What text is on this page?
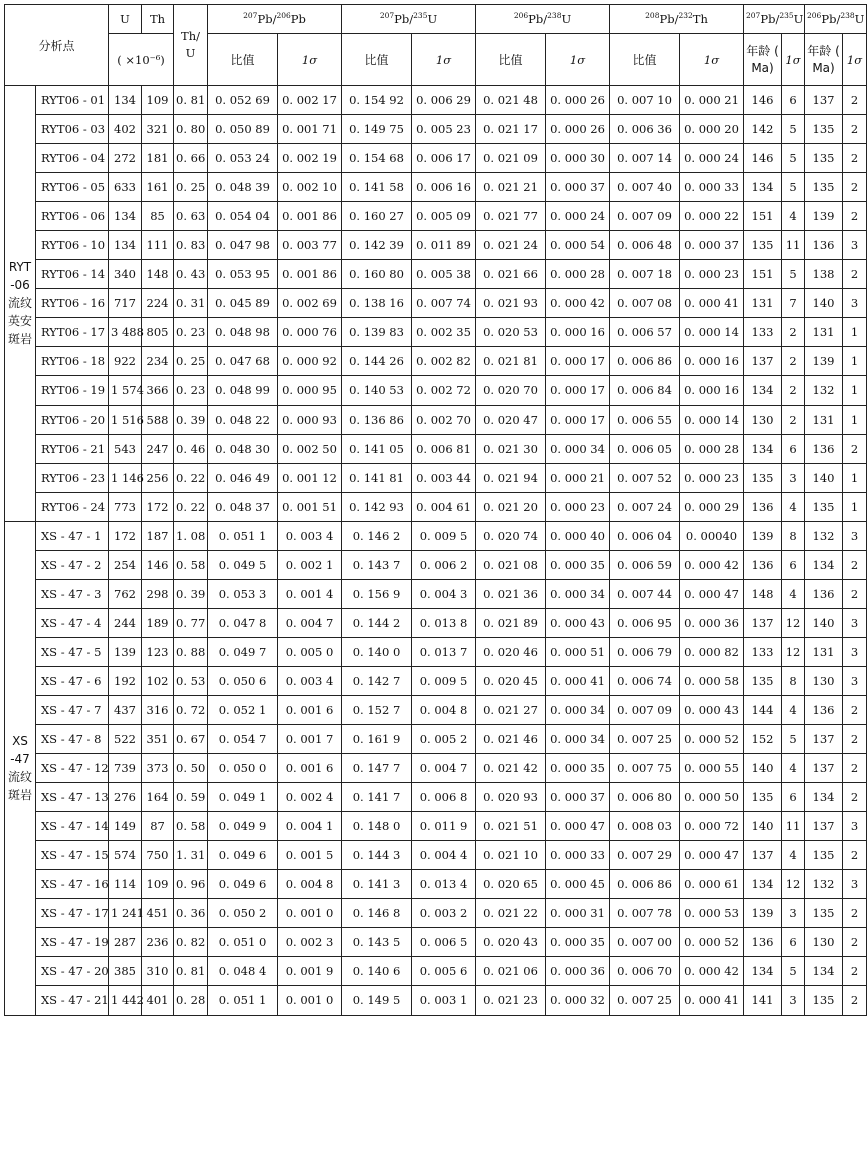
分析点		U	Th	Th/ U	$^{207}$Pb/$^{206}$Pb		$^{207}$Pb/$^{235}$U		$^{206}$Pb/$^{238}$U		$^{208}$Pb/$^{232}$Th		$^{207}$Pb/$^{235}$U		$^{206}$Pb/$^{238}$U	
		( ×10⁻⁶)			比值	1σ	比值	1σ	比值	1σ	比值	1σ	年龄 ( Ma)	1σ	年龄 ( Ma)	1σ
RYT -06 流纹 英安 斑岩	RYT06 - 01	134	109	0. 81	0. 052 69	0. 002 17	0. 154 92	0. 006 29	0. 021 48	0. 000 26	0. 007 10	0. 000 21	146	6	137	2
	RYT06 - 03	402	321	0. 80	0. 050 89	0. 001 71	0. 149 75	0. 005 23	0. 021 17	0. 000 26	0. 006 36	0. 000 20	142	5	135	2
	RYT06 - 04	272	181	0. 66	0. 053 24	0. 002 19	0. 154 68	0. 006 17	0. 021 09	0. 000 30	0. 007 14	0. 000 24	146	5	135	2
	RYT06 - 05	633	161	0. 25	0. 048 39	0. 002 10	0. 141 58	0. 006 16	0. 021 21	0. 000 37	0. 007 40	0. 000 33	134	5	135	2
	RYT06 - 06	134	85	0. 63	0. 054 04	0. 001 86	0. 160 27	0. 005 09	0. 021 77	0. 000 24	0. 007 09	0. 000 22	151	4	139	2
	RYT06 - 10	134	111	0. 83	0. 047 98	0. 003 77	0. 142 39	0. 011 89	0. 021 24	0. 000 54	0. 006 48	0. 000 37	135	11	136	3
	RYT06 - 14	340	148	0. 43	0. 053 95	0. 001 86	0. 160 80	0. 005 38	0. 021 66	0. 000 28	0. 007 18	0. 000 23	151	5	138	2
	RYT06 - 16	717	224	0. 31	0. 045 89	0. 002 69	0. 138 16	0. 007 74	0. 021 93	0. 000 42	0. 007 08	0. 000 41	131	7	140	3
	RYT06 - 17	3 488	805	0. 23	0. 048 98	0. 000 76	0. 139 83	0. 002 35	0. 020 53	0. 000 16	0. 006 57	0. 000 14	133	2	131	1
	RYT06 - 18	922	234	0. 25	0. 047 68	0. 000 92	0. 144 26	0. 002 82	0. 021 81	0. 000 17	0. 006 86	0. 000 16	137	2	139	1
	RYT06 - 19	1 574	366	0. 23	0. 048 99	0. 000 95	0. 140 53	0. 002 72	0. 020 70	0. 000 17	0. 006 84	0. 000 16	134	2	132	1
	RYT06 - 20	1 516	588	0. 39	0. 048 22	0. 000 93	0. 136 86	0. 002 70	0. 020 47	0. 000 17	0. 006 55	0. 000 14	130	2	131	1
	RYT06 - 21	543	247	0. 46	0. 048 30	0. 002 50	0. 141 05	0. 006 81	0. 021 30	0. 000 34	0. 006 05	0. 000 28	134	6	136	2
	RYT06 - 23	1 146	256	0. 22	0. 046 49	0. 001 12	0. 141 81	0. 003 44	0. 021 94	0. 000 21	0. 007 52	0. 000 23	135	3	140	1
	RYT06 - 24	773	172	0. 22	0. 048 37	0. 001 51	0. 142 93	0. 004 61	0. 021 20	0. 000 23	0. 007 24	0. 000 29	136	4	135	1
XS -47 流纹 斑岩	XS - 47 - 1	172	187	1. 08	0. 051 1	0. 003 4	0. 146 2	0. 009 5	0. 020 74	0. 000 40	0. 006 04	0. 00040	139	8	132	3
	XS - 47 - 2	254	146	0. 58	0. 049 5	0. 002 1	0. 143 7	0. 006 2	0. 021 08	0. 000 35	0. 006 59	0. 000 42	136	6	134	2
	XS - 47 - 3	762	298	0. 39	0. 053 3	0. 001 4	0. 156 9	0. 004 3	0. 021 36	0. 000 34	0. 007 44	0. 000 47	148	4	136	2
	XS - 47 - 4	244	189	0. 77	0. 047 8	0. 004 7	0. 144 2	0. 013 8	0. 021 89	0. 000 43	0. 006 95	0. 000 36	137	12	140	3
	XS - 47 - 5	139	123	0. 88	0. 049 7	0. 005 0	0. 140 0	0. 013 7	0. 020 46	0. 000 51	0. 006 79	0. 000 82	133	12	131	3
	XS - 47 - 6	192	102	0. 53	0. 050 6	0. 003 4	0. 142 7	0. 009 5	0. 020 45	0. 000 41	0. 006 74	0. 000 58	135	8	130	3
	XS - 47 - 7	437	316	0. 72	0. 052 1	0. 001 6	0. 152 7	0. 004 8	0. 021 27	0. 000 34	0. 007 09	0. 000 43	144	4	136	2
	XS - 47 - 8	522	351	0. 67	0. 054 7	0. 001 7	0. 161 9	0. 005 2	0. 021 46	0. 000 34	0. 007 25	0. 000 52	152	5	137	2
	XS - 47 - 12	739	373	0. 50	0. 050 0	0. 001 6	0. 147 7	0. 004 7	0. 021 42	0. 000 35	0. 007 75	0. 000 55	140	4	137	2
	XS - 47 - 13	276	164	0. 59	0. 049 1	0. 002 4	0. 141 7	0. 006 8	0. 020 93	0. 000 37	0. 006 80	0. 000 50	135	6	134	2
	XS - 47 - 14	149	87	0. 58	0. 049 9	0. 004 1	0. 148 0	0. 011 9	0. 021 51	0. 000 47	0. 008 03	0. 000 72	140	11	137	3
	XS - 47 - 15	574	750	1. 31	0. 049 6	0. 001 5	0. 144 3	0. 004 4	0. 021 10	0. 000 33	0. 007 29	0. 000 47	137	4	135	2
	XS - 47 - 16	114	109	0. 96	0. 049 6	0. 004 8	0. 141 3	0. 013 4	0. 020 65	0. 000 45	0. 006 86	0. 000 61	134	12	132	3
	XS - 47 - 17	1 241	451	0. 36	0. 050 2	0. 001 0	0. 146 8	0. 003 2	0. 021 22	0. 000 31	0. 007 78	0. 000 53	139	3	135	2
	XS - 47 - 19	287	236	0. 82	0. 051 0	0. 002 3	0. 143 5	0. 006 5	0. 020 43	0. 000 35	0. 007 00	0. 000 52	136	6	130	2
	XS - 47 - 20	385	310	0. 81	0. 048 4	0. 001 9	0. 140 6	0. 005 6	0. 021 06	0. 000 36	0. 006 70	0. 000 42	134	5	134	2
	XS - 47 - 21	1 442	401	0. 28	0. 051 1	0. 001 0	0. 149 5	0. 003 1	0. 021 23	0. 000 32	0. 007 25	0. 000 41	141	3	135	2
